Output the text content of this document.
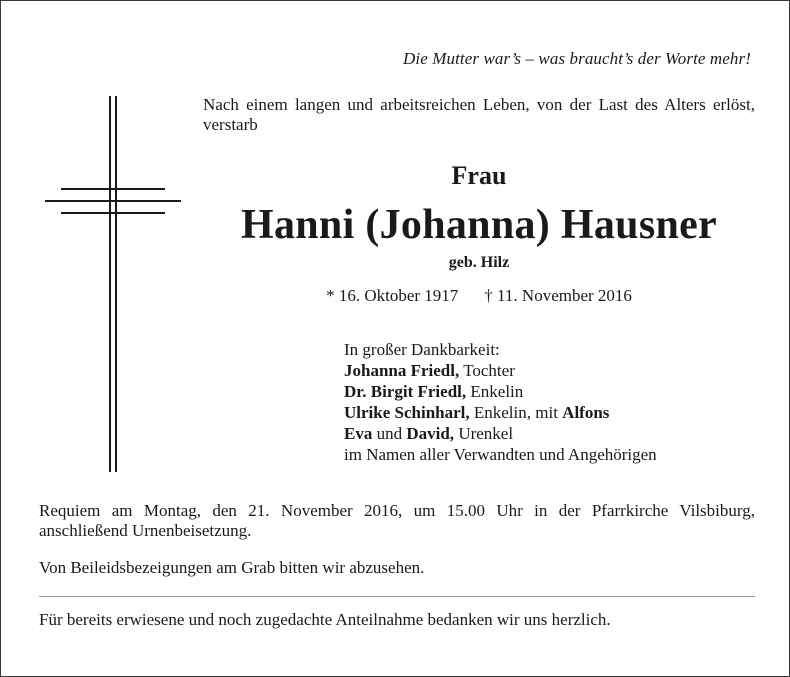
Die Mutter war’s – was braucht’s der Worte mehr!
Nach einem langen und arbeitsreichen Leben, von der Last des Alters erlöst, verstarb
Frau
Hanni (Johanna) Hausner
geb. Hilz
* 16. Oktober 1917 † 11. November 2016
In großer Dankbarkeit:
Johanna Friedl, Tochter
Dr. Birgit Friedl, Enkelin
Ulrike Schinharl, Enkelin, mit Alfons
Eva und David, Urenkel
im Namen aller Verwandten und Angehörigen
Requiem am Montag, den 21. November 2016, um 15.00 Uhr in der Pfarrkirche Vilsbiburg, anschließend Urnenbeisetzung.
Von Beileidsbezeigungen am Grab bitten wir abzusehen.
Für bereits erwiesene und noch zugedachte Anteilnahme bedanken wir uns herzlich.
